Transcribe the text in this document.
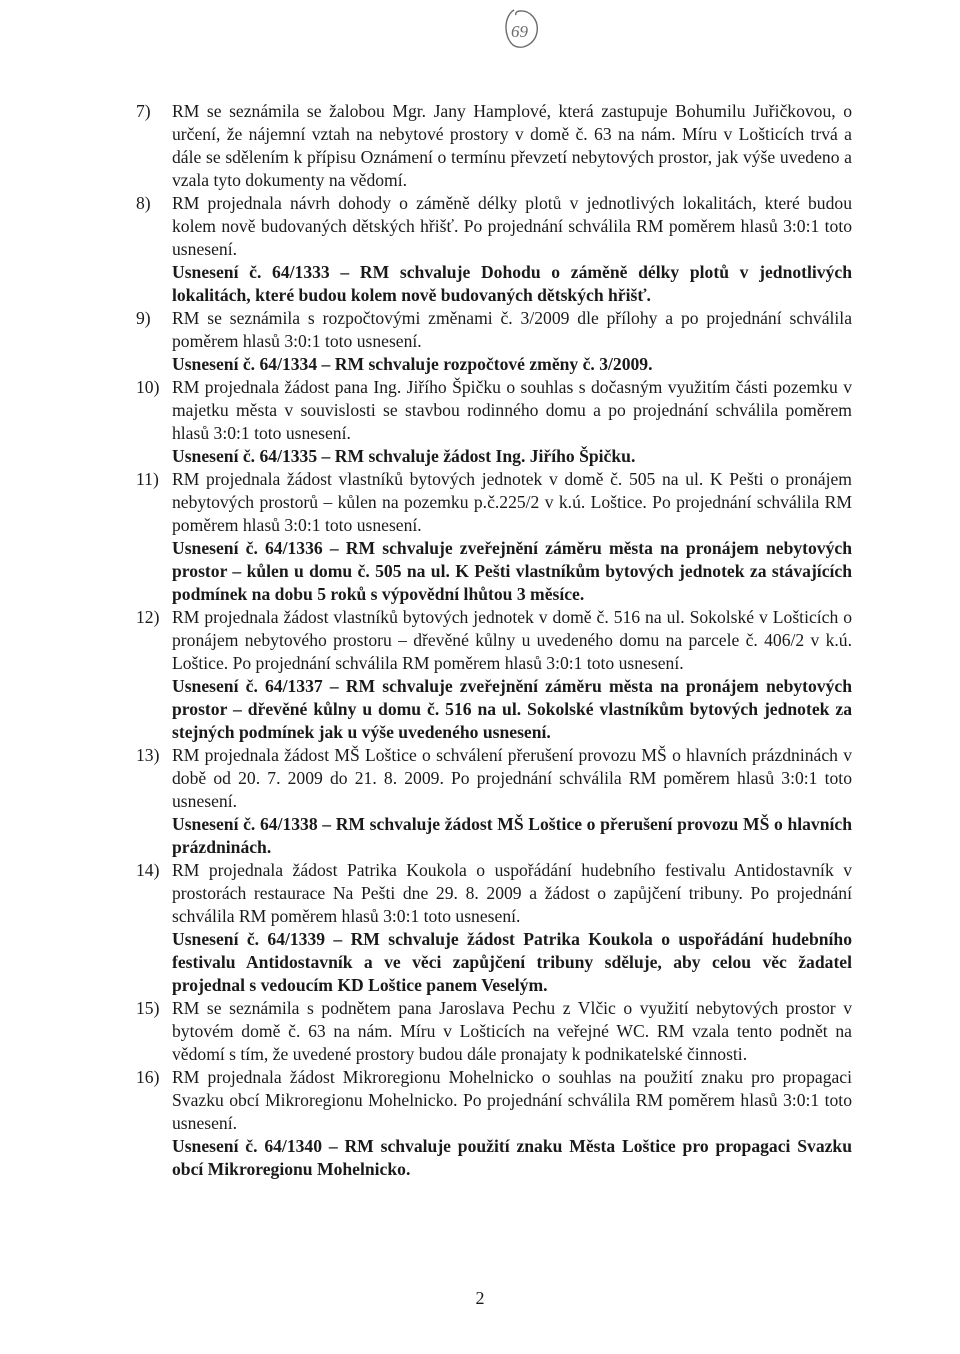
69
7) RM se seznámila se žalobou Mgr. Jany Hamplové, která zastupuje Bohumilu Juřičkovou, o určení, že nájemní vztah na nebytové prostory v domě č. 63 na nám. Míru v Lošticích trvá a dále se sdělením k přípisu Oznámení o termínu převzetí nebytových prostor, jak výše uvedeno a vzala tyto dokumenty na vědomí.

8) RM projednala návrh dohody o záměně délky plotů v jednotlivých lokalitách, které budou kolem nově budovaných dětských hřišť. Po projednání schválila RM poměrem hlasů 3:0:1 toto usnesení.

Usnesení č. 64/1333 – RM schvaluje Dohodu o záměně délky plotů v jednotlivých lokalitách, které budou kolem nově budovaných dětských hřišť.

9) RM se seznámila s rozpočtovými změnami č. 3/2009 dle přílohy a po projednání schválila poměrem hlasů 3:0:1 toto usnesení.

Usnesení č. 64/1334 – RM schvaluje rozpočtové změny č. 3/2009.

10) RM projednala žádost pana Ing. Jiřího Špičku o souhlas s dočasným využitím části pozemku v majetku města v souvislosti se stavbou rodinného domu a po projednání schválila poměrem hlasů 3:0:1 toto usnesení.

Usnesení č. 64/1335 – RM schvaluje žádost Ing. Jiřího Špičku.

11) RM projednala žádost vlastníků bytových jednotek v domě č. 505 na ul. K Pešti o pronájem nebytových prostorů – kůlen na pozemku p.č.225/2 v k.ú. Loštice. Po projednání schválila RM poměrem hlasů 3:0:1 toto usnesení.

Usnesení č. 64/1336 – RM schvaluje zveřejnění záměru města na pronájem nebytových prostor – kůlen u domu č. 505 na ul. K Pešti vlastníkům bytových jednotek za stávajících podmínek na dobu 5 roků s výpovědní lhůtou 3 měsíce.

12) RM projednala žádost vlastníků bytových jednotek v domě č. 516 na ul. Sokolské v Lošticích o pronájem nebytového prostoru – dřevěné kůlny u uvedeného domu na parcele č. 406/2 v k.ú. Loštice. Po projednání schválila RM poměrem hlasů 3:0:1 toto usnesení.

Usnesení č. 64/1337 – RM schvaluje zveřejnění záměru města na pronájem nebytových prostor – dřevěné kůlny u domu č. 516 na ul. Sokolské vlastníkům bytových jednotek za stejných podmínek jak u výše uvedeného usnesení.

13) RM projednala žádost MŠ Loštice o schválení přerušení provozu MŠ o hlavních prázdninách v době od 20. 7. 2009 do 21. 8. 2009. Po projednání schválila RM poměrem hlasů 3:0:1 toto usnesení.

Usnesení č. 64/1338 – RM schvaluje žádost MŠ Loštice o přerušení provozu MŠ o hlavních prázdninách.

14) RM projednala žádost Patrika Koukola o uspořádání hudebního festivalu Antidostavník v prostorách restaurace Na Pešti dne 29. 8. 2009 a žádost o zapůjčení tribuny. Po projednání schválila RM poměrem hlasů 3:0:1 toto usnesení.

Usnesení č. 64/1339 – RM schvaluje žádost Patrika Koukola o uspořádání hudebního festivalu Antidostavník a ve věci zapůjčení tribuny sděluje, aby celou věc žadatel projednal s vedoucím KD Loštice panem Veselým.

15) RM se seznámila s podnětem pana Jaroslava Pechu z Vlčic o využití nebytových prostor v bytovém domě č. 63 na nám. Míru v Lošticích na veřejné WC. RM vzala tento podnět na vědomí s tím, že uvedené prostory budou dále pronajaty k podnikatelské činnosti.

16) RM projednala žádost Mikroregionu Mohelnicko o souhlas na použití znaku pro propagaci Svazku obcí Mikroregionu Mohelnicko. Po projednání schválila RM poměrem hlasů 3:0:1 toto usnesení.

Usnesení č. 64/1340 – RM schvaluje použití znaku Města Loštice pro propagaci Svazku obcí Mikroregionu Mohelnicko.

2
